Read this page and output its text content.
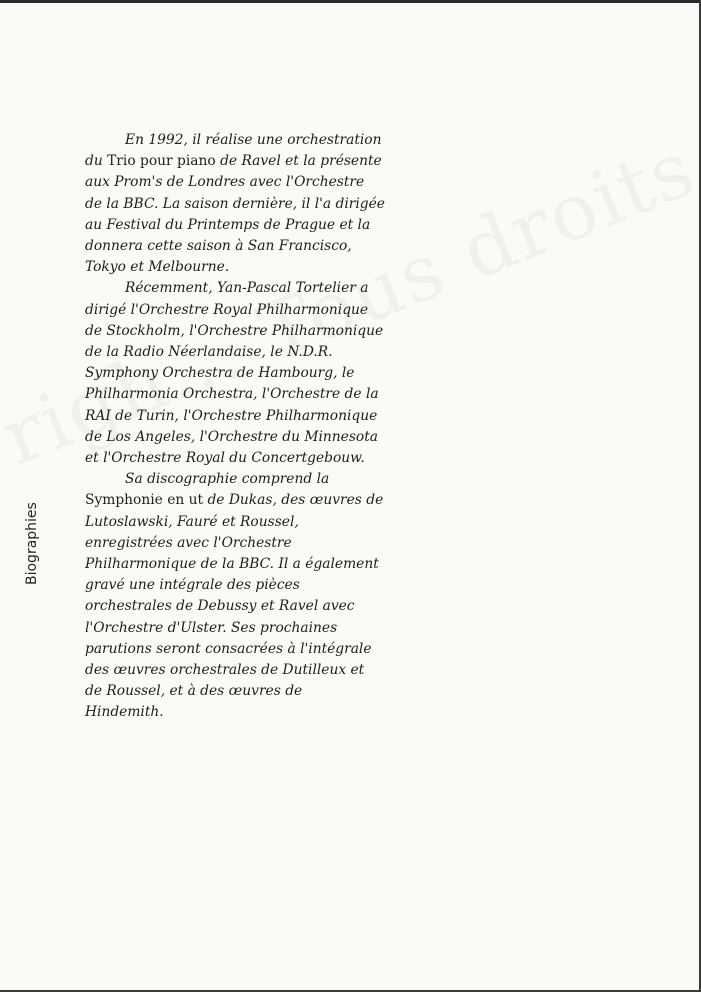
Biographies

En 1992, il réalise une orchestration du Trio pour piano de Ravel et la présente aux Prom's de Londres avec l'Orchestre de la BBC. La saison dernière, il l'a dirigée au Festival du Printemps de Prague et la donnera cette saison à San Francisco, Tokyo et Melbourne.

Récemment, Yan-Pascal Tortelier a dirigé l'Orchestre Royal Philharmonique de Stockholm, l'Orchestre Philharmonique de la Radio Néerlandaise, le N.D.R. Symphony Orchestra de Hambourg, le Philharmonia Orchestra, l'Orchestre de la RAI de Turin, l'Orchestre Philharmonique de Los Angeles, l'Orchestre du Minnesota et l'Orchestre Royal du Concertgebouw.

Sa discographie comprend la Symphonie en ut de Dukas, des œuvres de Lutoslawski, Fauré et Roussel, enregistrées avec l'Orchestre Philharmonique de la BBC. Il a également gravé une intégrale des pièces orchestrales de Debussy et Ravel avec l'Orchestre d'Ulster. Ses prochaines parutions seront consacrées à l'intégrale des œuvres orchestrales de Dutilleux et de Roussel, et à des œuvres de Hindemith.
